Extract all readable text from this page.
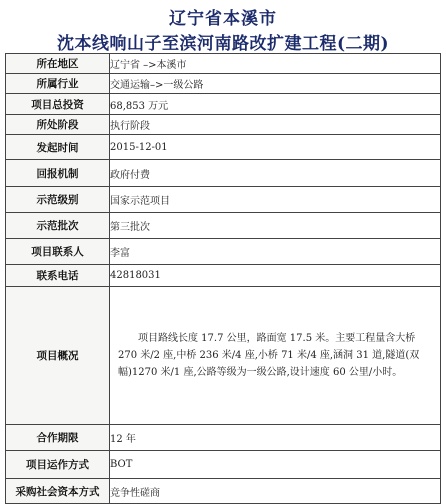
辽宁省本溪市
沈本线响山子至滨河南路改扩建工程(二期)
所在地区	辽宁省 –>本溪市
所属行业	交通运输–>一级公路
项目总投资	68,853 万元
所处阶段	执行阶段
发起时间	2015-12-01
回报机制	政府付费
示范级别	国家示范项目
示范批次	第三批次
项目联系人	李富
联系电话	42818031
项目概况	项目路线长度 17.7 公里，路面宽 17.5 米。主要工程量含大桥 270 米/2 座,中桥 236 米/4 座,小桥 71 米/4 座,涵洞 31 道,隧道(双幅)1270 米/1 座,公路等级为一级公路,设计速度 60 公里/小时。
合作期限	12 年
项目运作方式	BOT
采购社会资本方式	竞争性磋商
